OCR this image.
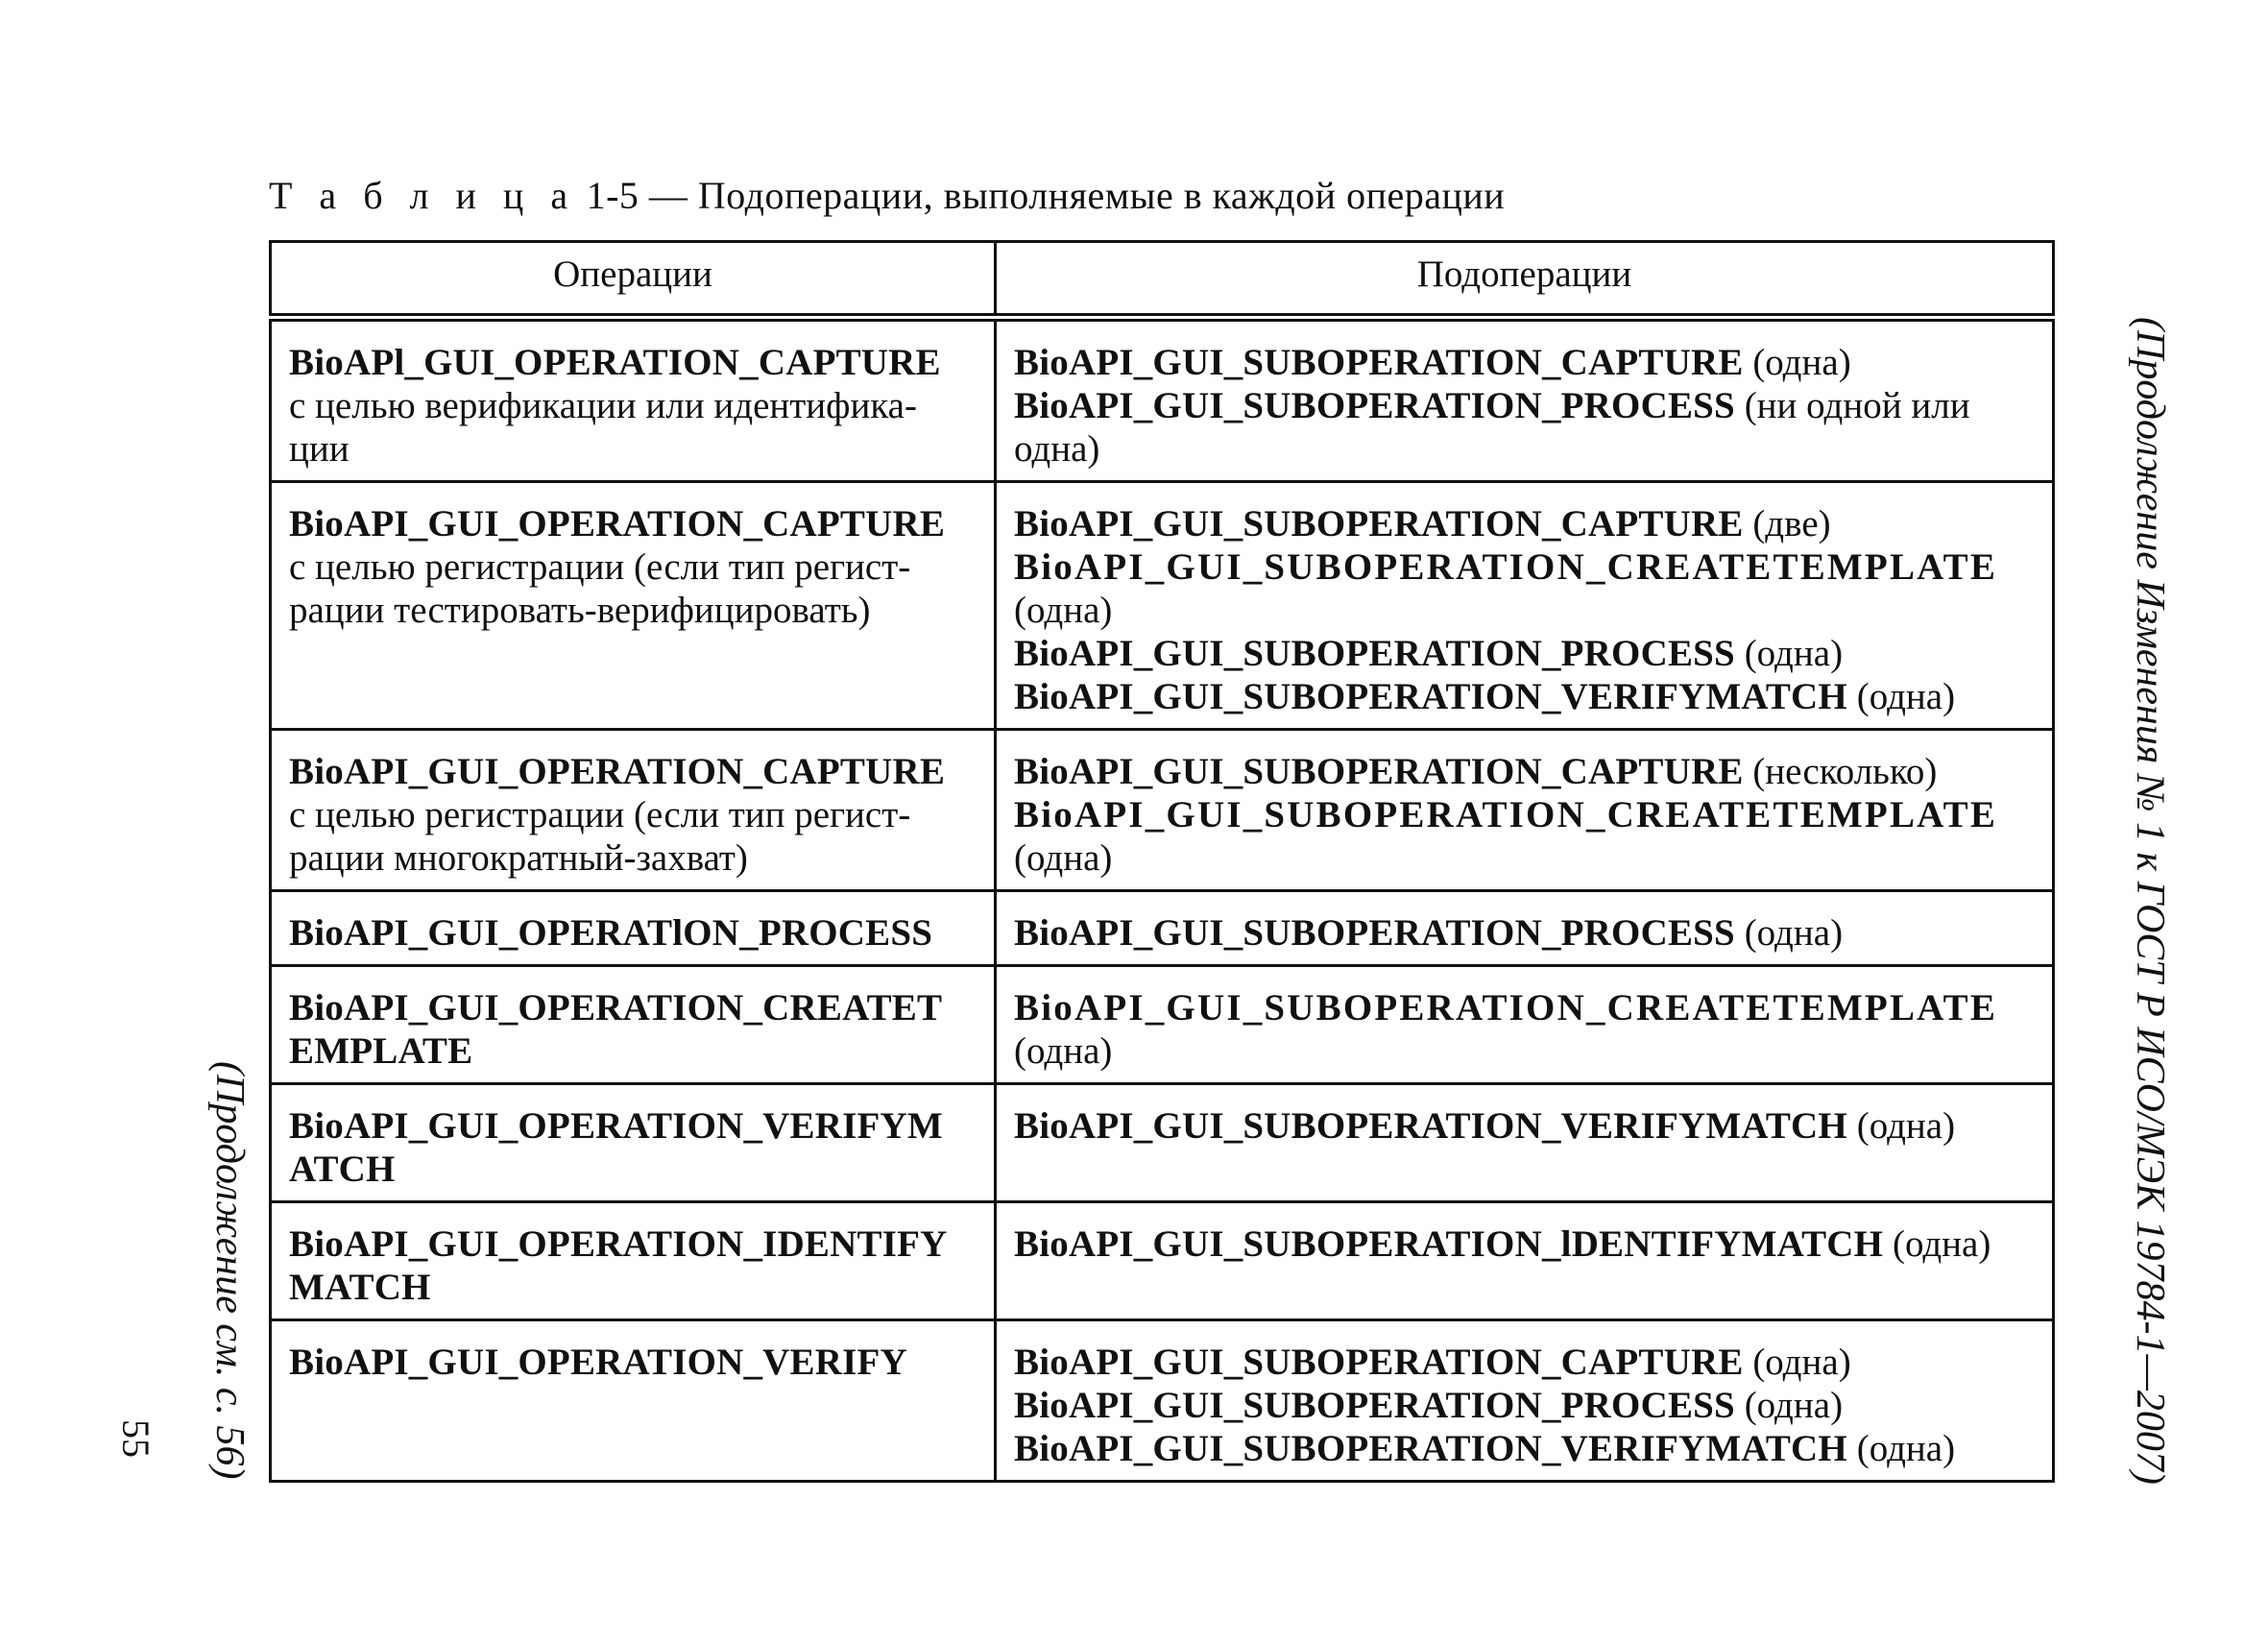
Т а б л и ц а 1-5 — Подоперации, выполняемые в каждой операции
Операции	Подоперации

BioAPl_GUI_OPERATION_CAPTURE
с целью верификации или идентифика-
ции	BioAPI_GUI_SUBOPERATION_CAPTURE (одна)
BioAPI_GUI_SUBOPERATION_PROCESS (ни одной или
одна)

BioAPI_GUI_OPERATION_CAPTURE
с целью регистрации (если тип регист-
рации тестировать-верифицировать)	BioAPI_GUI_SUBOPERATION_CAPTURE (две)
BioAPI_GUI_SUBOPERATION_CREATETEMPLATE
(одна)
BioAPI_GUI_SUBOPERATION_PROCESS (одна)
BioAPI_GUI_SUBOPERATION_VERIFYMATCH (одна)

BioAPI_GUI_OPERATION_CAPTURE
с целью регистрации (если тип регист-
рации многократный-захват)	BioAPI_GUI_SUBOPERATION_CAPTURE (несколько)
BioAPI_GUI_SUBOPERATION_CREATETEMPLATE
(одна)

BioAPI_GUI_OPERATlON_PROCESS	BioAPI_GUI_SUBOPERATION_PROCESS (одна)

BioAPI_GUI_OPERATION_CREATET
EMPLATE	BioAPI_GUI_SUBOPERATION_CREATETEMPLATE
(одна)

BioAPI_GUI_OPERATION_VERIFYM
ATCH	BioAPI_GUI_SUBOPERATION_VERIFYMATCH (одна)

BioAPI_GUI_OPERATION_IDENTIFY
MATCH	BioAPI_GUI_SUBOPERATION_lDENTIFYMATCH (одна)

BioAPI_GUI_OPERATION_VERIFY	BioAPI_GUI_SUBOPERATION_CAPTURE (одна)
BioAPI_GUI_SUBOPERATION_PROCESS (одна)
BioAPI_GUI_SUBOPERATION_VERIFYMATCH (одна)	(Продолжение Изменения № 1 к ГОСТ Р ИСО/МЭК 19784-1—2007)
(Продолжение см. с. 56)
55
